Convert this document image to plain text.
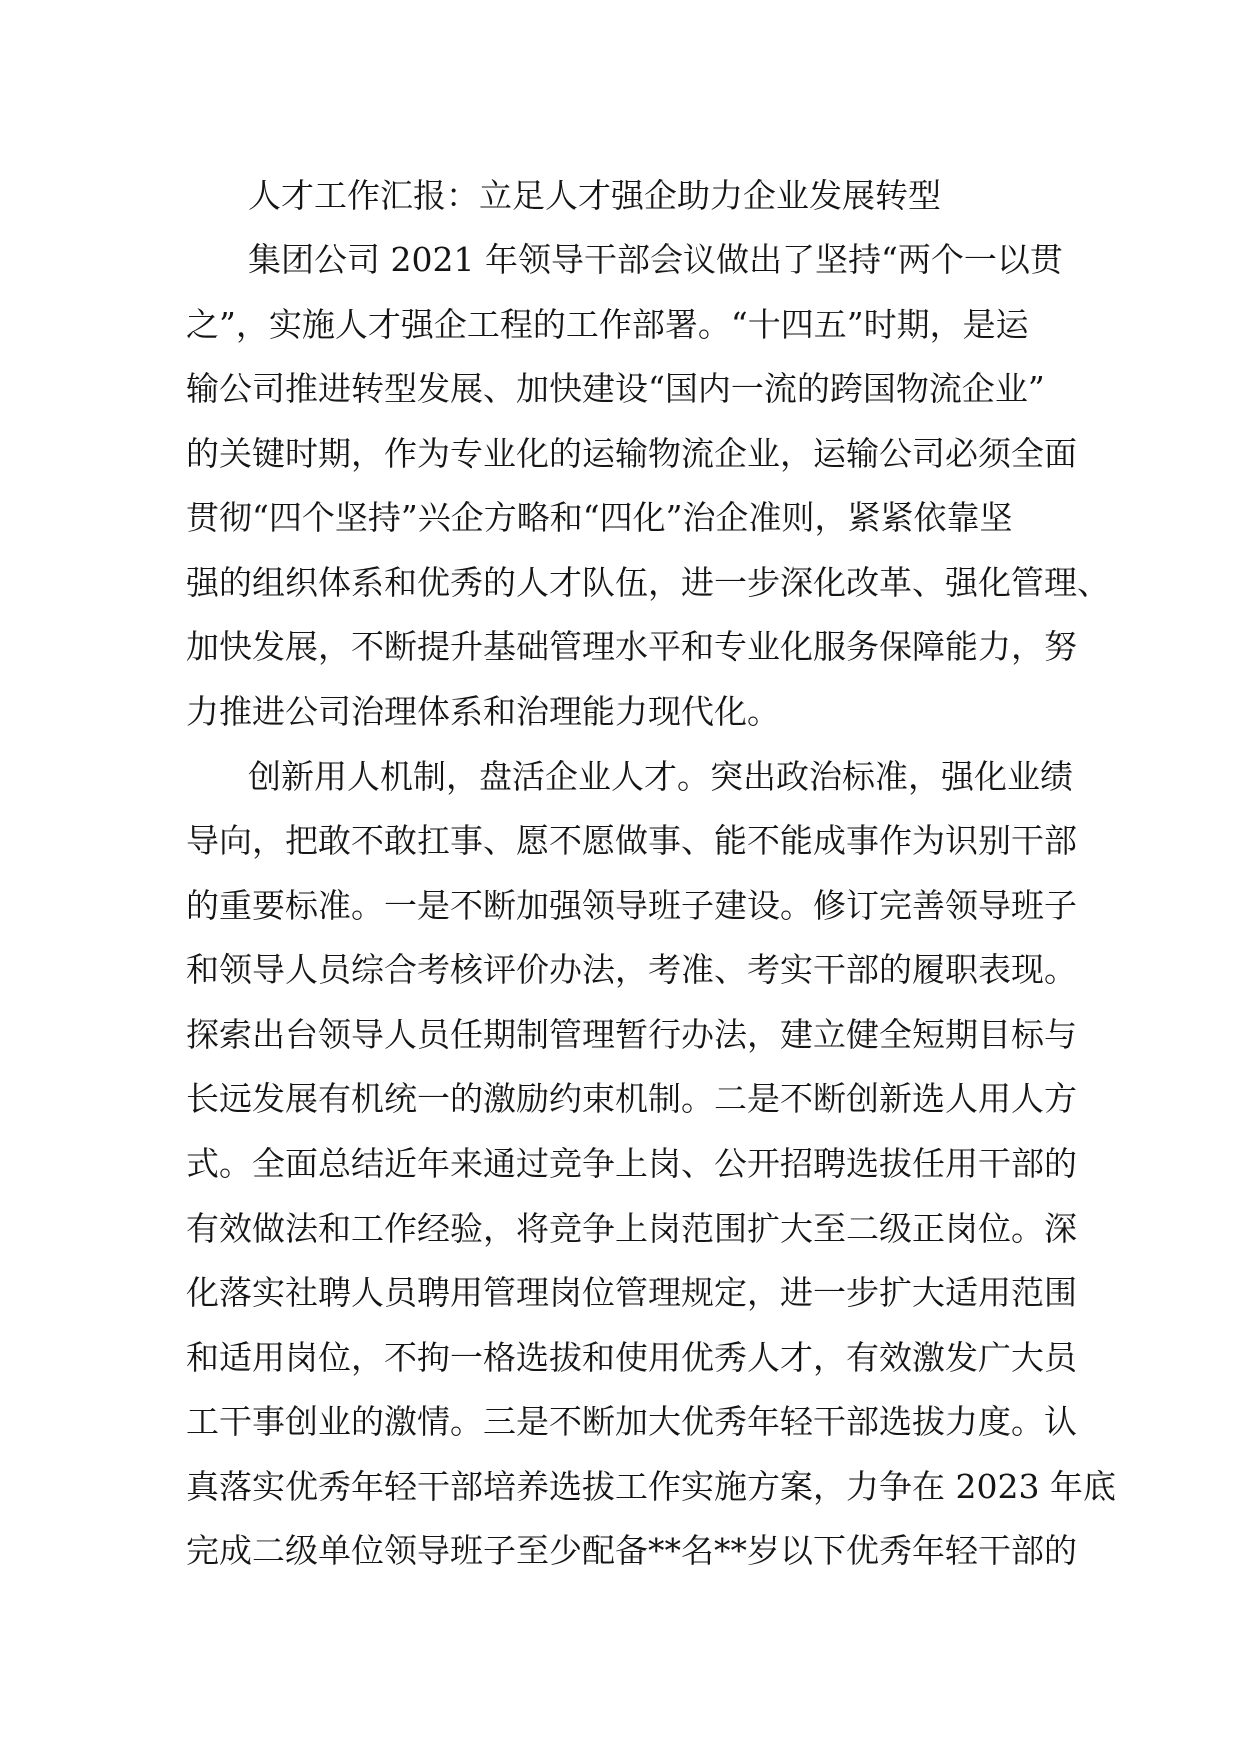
人才工作汇报：立足人才强企助力企业发展转型
集团公司 2021 年领导干部会议做出了坚持“两个一以贯
之”，实施人才强企工程的工作部署。“十四五”时期，是运
输公司推进转型发展、加快建设“国内一流的跨国物流企业”
的关键时期，作为专业化的运输物流企业，运输公司必须全面
贯彻“四个坚持”兴企方略和“四化”治企准则，紧紧依靠坚
强的组织体系和优秀的人才队伍，进一步深化改革、强化管理、
加快发展，不断提升基础管理水平和专业化服务保障能力，努
力推进公司治理体系和治理能力现代化。
创新用人机制，盘活企业人才。突出政治标准，强化业绩
导向，把敢不敢扛事、愿不愿做事、能不能成事作为识别干部
的重要标准。一是不断加强领导班子建设。修订完善领导班子
和领导人员综合考核评价办法，考准、考实干部的履职表现。
探索出台领导人员任期制管理暂行办法，建立健全短期目标与
长远发展有机统一的激励约束机制。二是不断创新选人用人方
式。全面总结近年来通过竞争上岗、公开招聘选拔任用干部的
有效做法和工作经验，将竞争上岗范围扩大至二级正岗位。深
化落实社聘人员聘用管理岗位管理规定，进一步扩大适用范围
和适用岗位，不拘一格选拔和使用优秀人才，有效激发广大员
工干事创业的激情。三是不断加大优秀年轻干部选拔力度。认
真落实优秀年轻干部培养选拔工作实施方案，力争在 2023 年底
完成二级单位领导班子至少配备**名**岁以下优秀年轻干部的
